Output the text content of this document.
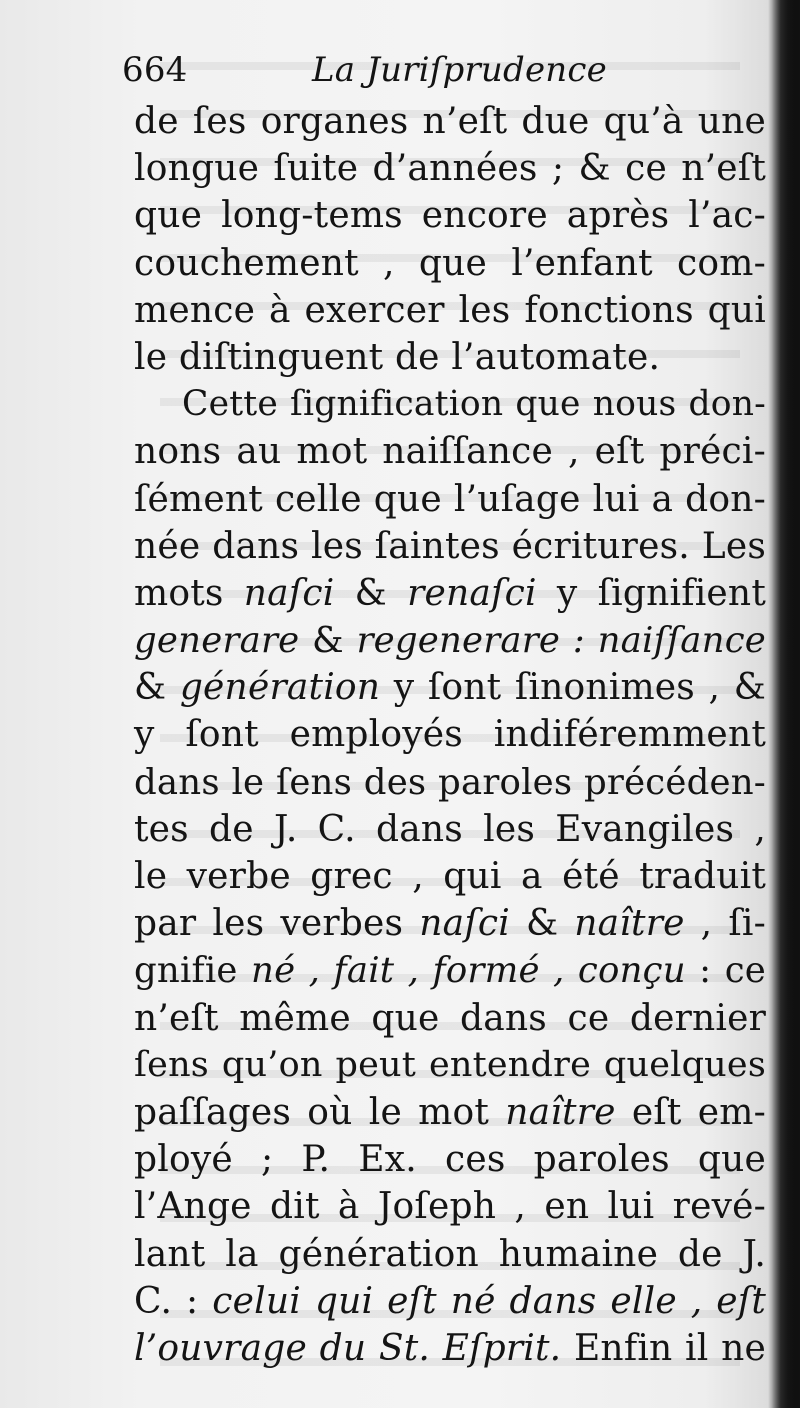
664	La Juriſprudence
de ſes organes n’eſt due qu’à une
longue ſuite d’années ; & ce n’eſt
que long-tems encore après l’ac-
couchement , que l’enfant com-
mence à exercer les fonctions qui
le diſtinguent de l’automate.
Cette ſignification que nous don-
nons au mot naiſſance , eſt préci-
ſément celle que l’uſage lui a don-
née dans les ſaintes écritures. Les
mots naſci & renaſci y ſignifient
generare & regenerare : naiſſance
& génération y ſont ſinonimes , &
y ſont employés indiféremment
dans le ſens des paroles précéden-
tes de J. C. dans les Evangiles ,
le verbe grec , qui a été traduit
par les verbes naſci & naître , ſi-
gnifie né , fait , formé , conçu : ce
n’eſt même que dans ce dernier
ſens qu’on peut entendre quelques
paſſages où le mot naître eſt em-
ployé ; P. Ex. ces paroles que
l’Ange dit à Joſeph , en lui revé-
lant la génération humaine de J.
C. : celui qui eſt né dans elle , eſt
l’ouvrage du St. Eſprit. Enfin il ne
